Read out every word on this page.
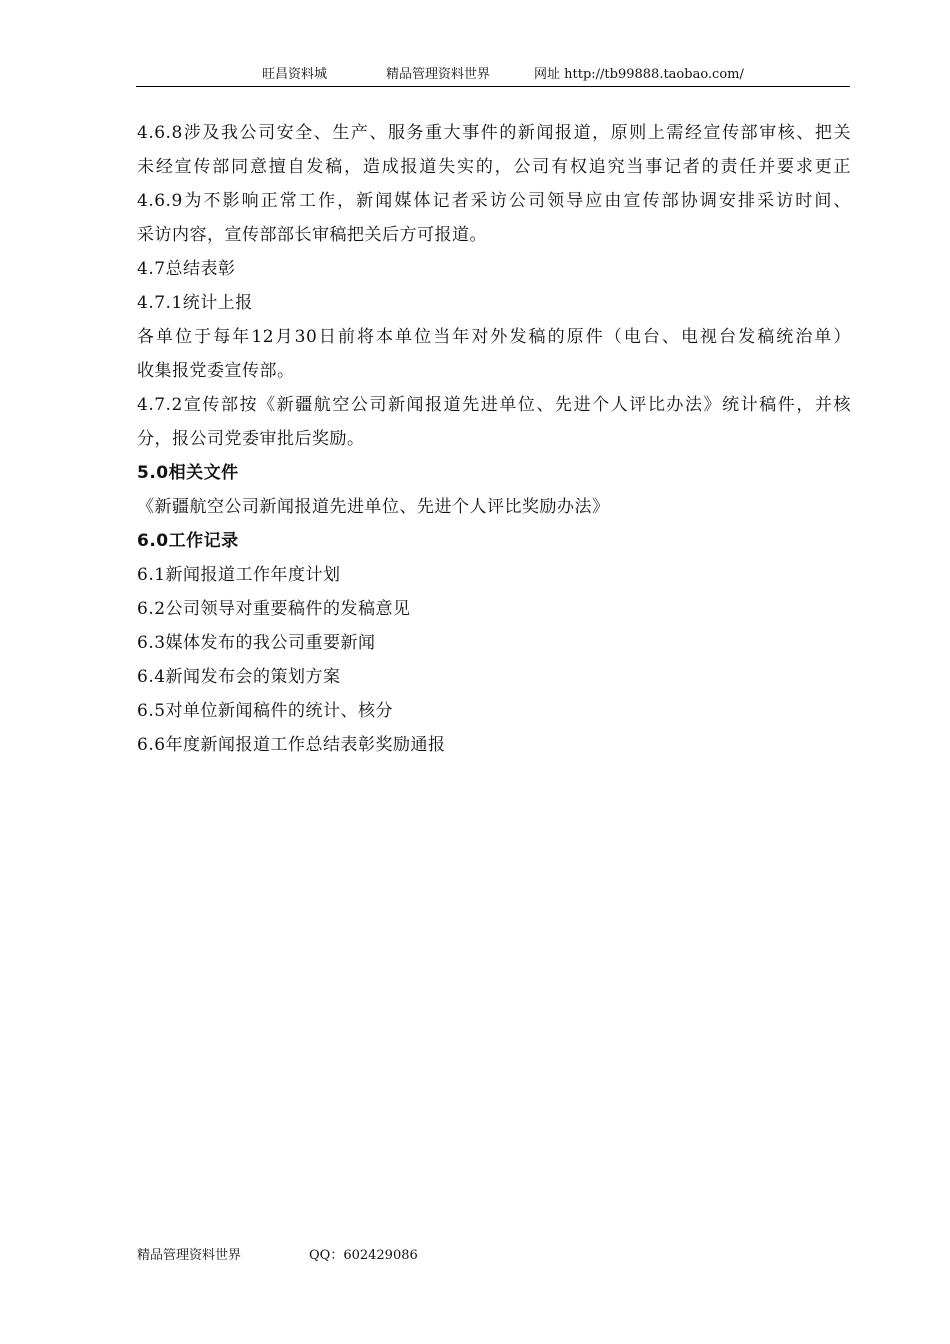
旺昌资料城	精品管理资料世界	网址 http://tb99888.taobao.com/
4.6.8涉及我公司安全、生产、服务重大事件的新闻报道，原则上需经宣传部审核、把关
未经宣传部同意擅自发稿，造成报道失实的，公司有权追究当事记者的责任并要求更正
4.6.9为不影响正常工作，新闻媒体记者采访公司领导应由宣传部协调安排采访时间、
采访内容，宣传部部长审稿把关后方可报道。
4.7总结表彰
4.7.1统计上报
各单位于每年12月30日前将本单位当年对外发稿的原件（电台、电视台发稿统治单）
收集报党委宣传部。
4.7.2宣传部按《新疆航空公司新闻报道先进单位、先进个人评比办法》统计稿件，并核
分，报公司党委审批后奖励。
5.0相关文件
《新疆航空公司新闻报道先进单位、先进个人评比奖励办法》
6.0工作记录
6.1新闻报道工作年度计划
6.2公司领导对重要稿件的发稿意见
6.3媒体发布的我公司重要新闻
6.4新闻发布会的策划方案
6.5对单位新闻稿件的统计、核分
6.6年度新闻报道工作总结表彰奖励通报
精品管理资料世界	QQ：602429086
